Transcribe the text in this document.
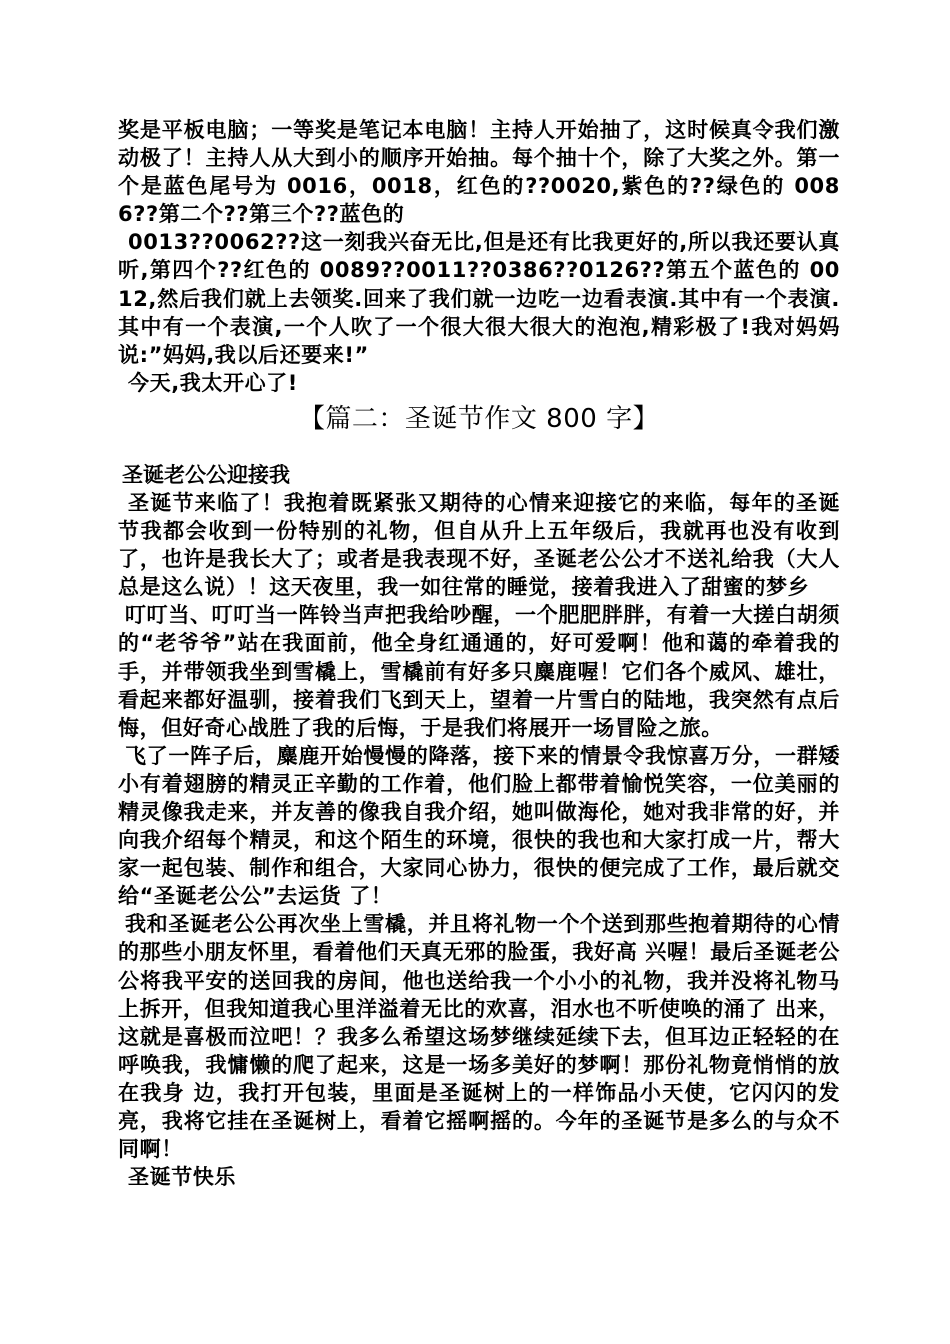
奖是平板电脑；一等奖是笔记本电脑！主持人开始抽了，这时候真令我们激动极了！主持人从大到小的顺序开始抽。每个抽十个，除了大奖之外。第一个是蓝色尾号为 0016，0018，红色的??0020,紫色的??绿色的 0086??第二个??第三个??蓝色的

0013??0062??这一刻我兴奋无比,但是还有比我更好的,所以我还要认真听,第四个??红色的 0089??0011??0386??0126??第五个蓝色的 0012,然后我们就上去领奖.回来了我们就一边吃一边看表演.其中有一个表演.其中有一个表演,一个人吹了一个很大很大很大的泡泡,精彩极了!我对妈妈说:”妈妈,我以后还要来!”

今天,我太开心了!

【篇二：圣诞节作文 800 字】

圣诞老公公迎接我

圣诞节来临了！我抱着既紧张又期待的心情来迎接它的来临，每年的圣诞节我都会收到一份特别的礼物，但自从升上五年级后，我就再也没有收到了，也许是我长大了；或者是我表现不好，圣诞老公公才不送礼给我（大人总是这么说）！这天夜里，我一如往常的睡觉，接着我进入了甜蜜的梦乡

叮叮当、叮叮当一阵铃当声把我给吵醒，一个肥肥胖胖，有着一大搓白胡须的“老爷爷”站在我面前，他全身红通通的，好可爱啊！他和蔼的牵着我的手，并带领我坐到雪橇上，雪橇前有好多只麋鹿喔！它们各个威风、雄壮，看起来都好温驯，接着我们飞到天上，望着一片雪白的陆地，我突然有点后悔，但好奇心战胜了我的后悔，于是我们将展开一场冒险之旅。

飞了一阵子后，麋鹿开始慢慢的降落，接下来的情景令我惊喜万分，一群矮小有着翅膀的精灵正辛勤的工作着，他们脸上都带着愉悦笑容，一位美丽的精灵像我走来，并友善的像我自我介绍，她叫做海伦，她对我非常的好，并向我介绍每个精灵，和这个陌生的环境，很快的我也和大家打成一片，帮大家一起包装、制作和组合，大家同心协力，很快的便完成了工作，最后就交给“圣诞老公公”去运货 了！

我和圣诞老公公再次坐上雪橇，并且将礼物一个个送到那些抱着期待的心情的那些小朋友怀里，看着他们天真无邪的脸蛋，我好高 兴喔！最后圣诞老公公将我平安的送回我的房间，他也送给我一个小小的礼物，我并没将礼物马上拆开，但我知道我心里洋溢着无比的欢喜，泪水也不听使唤的涌了 出来，这就是喜极而泣吧！？我多么希望这场梦继续延续下去，但耳边正轻轻的在呼唤我，我慵懒的爬了起来，这是一场多美好的梦啊！那份礼物竟悄悄的放在我身 边，我打开包装，里面是圣诞树上的一样饰品小天使，它闪闪的发亮，我将它挂在圣诞树上，看着它摇啊摇的。今年的圣诞节是多么的与众不同啊！

圣诞节快乐
